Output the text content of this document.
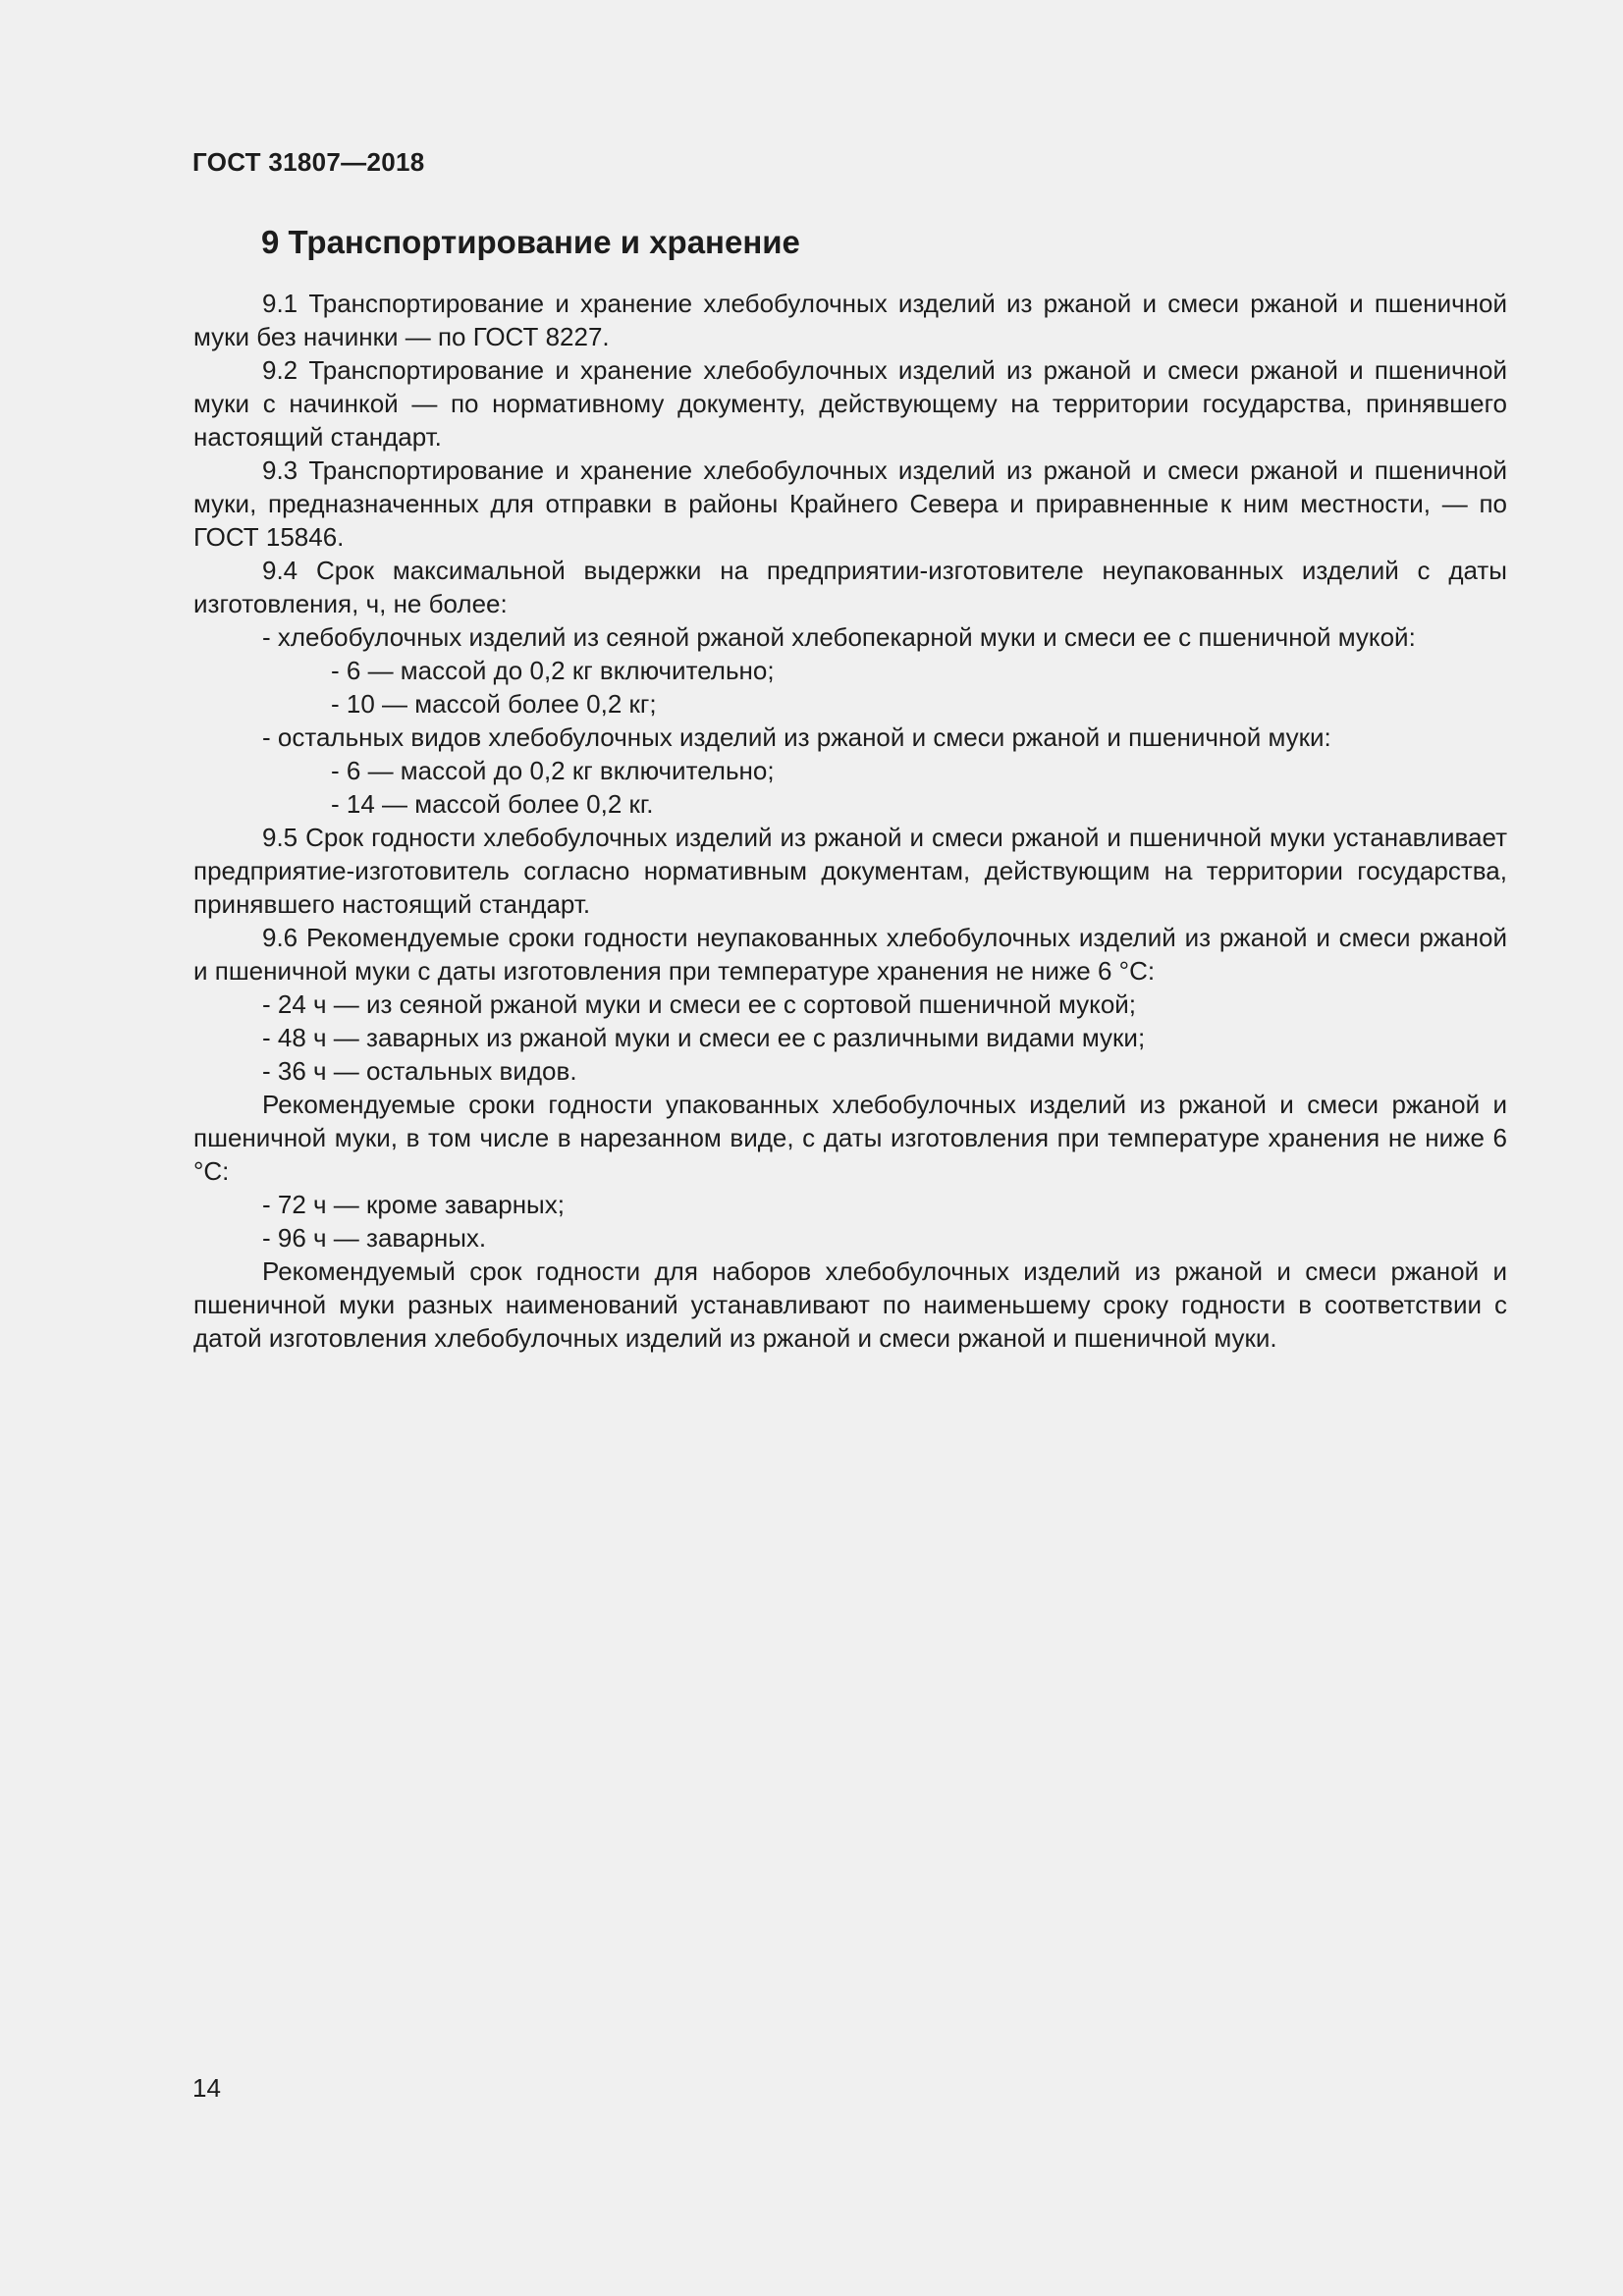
ГОСТ 31807—2018
9 Транспортирование и хранение

9.1 Транспортирование и хранение хлебобулочных изделий из ржаной и смеси ржаной и пшеничной муки без начинки — по ГОСТ 8227.

9.2 Транспортирование и хранение хлебобулочных изделий из ржаной и смеси ржаной и пшеничной муки с начинкой — по нормативному документу, действующему на территории государства, принявшего настоящий стандарт.

9.3 Транспортирование и хранение хлебобулочных изделий из ржаной и смеси ржаной и пшеничной муки, предназначенных для отправки в районы Крайнего Севера и приравненные к ним местности, — по ГОСТ 15846.

9.4 Срок максимальной выдержки на предприятии-изготовителе неупакованных изделий с даты изготовления, ч, не более:

- хлебобулочных изделий из сеяной ржаной хлебопекарной муки и смеси ее с пшеничной мукой:

- 6 — массой до 0,2 кг включительно;

- 10 — массой более 0,2 кг;

- остальных видов хлебобулочных изделий из ржаной и смеси ржаной и пшеничной муки:

- 6 — массой до 0,2 кг включительно;

- 14 — массой более 0,2 кг.

9.5 Срок годности хлебобулочных изделий из ржаной и смеси ржаной и пшеничной муки устанавливает предприятие-изготовитель согласно нормативным документам, действующим на территории государства, принявшего настоящий стандарт.

9.6 Рекомендуемые сроки годности неупакованных хлебобулочных изделий из ржаной и смеси ржаной и пшеничной муки с даты изготовления при температуре хранения не ниже 6 °С:

- 24 ч — из сеяной ржаной муки и смеси ее с сортовой пшеничной мукой;

- 48 ч — заварных из ржаной муки и смеси ее с различными видами муки;

- 36 ч — остальных видов.

Рекомендуемые сроки годности упакованных хлебобулочных изделий из ржаной и смеси ржаной и пшеничной муки, в том числе в нарезанном виде, с даты изготовления при температуре хранения не ниже 6 °С:

- 72 ч — кроме заварных;

- 96 ч — заварных.

Рекомендуемый срок годности для наборов хлебобулочных изделий из ржаной и смеси ржаной и пшеничной муки разных наименований устанавливают по наименьшему сроку годности в соответствии с датой изготовления хлебобулочных изделий из ржаной и смеси ржаной и пшеничной муки.

14
